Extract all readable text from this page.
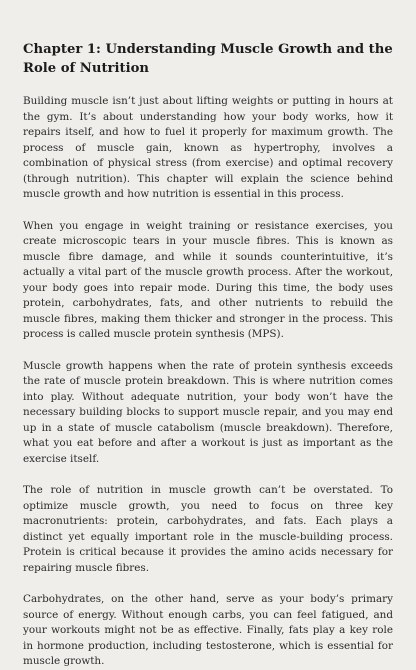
Chapter 1: Understanding Muscle Growth and the Role of Nutrition

Building muscle isn’t just about lifting weights or putting in hours at the gym. It’s about understanding how your body works, how it repairs itself, and how to fuel it properly for maximum growth. The process of muscle gain, known as hypertrophy, involves a combination of physical stress (from exercise) and optimal recovery (through nutrition). This chapter will explain the science behind muscle growth and how nutrition is essential in this process.

When you engage in weight training or resistance exercises, you create microscopic tears in your muscle fibres. This is known as muscle fibre damage, and while it sounds counterintuitive, it’s actually a vital part of the muscle growth process. After the workout, your body goes into repair mode. During this time, the body uses protein, carbohydrates, fats, and other nutrients to rebuild the muscle fibres, making them thicker and stronger in the process. This process is called muscle protein synthesis (MPS).

Muscle growth happens when the rate of protein synthesis exceeds the rate of muscle protein breakdown. This is where nutrition comes into play. Without adequate nutrition, your body won’t have the necessary building blocks to support muscle repair, and you may end up in a state of muscle catabolism (muscle breakdown). Therefore, what you eat before and after a workout is just as important as the exercise itself.

The role of nutrition in muscle growth can’t be overstated. To optimize muscle growth, you need to focus on three key macronutrients: protein, carbohydrates, and fats. Each plays a distinct yet equally important role in the muscle-building process. Protein is critical because it provides the amino acids necessary for repairing muscle fibres.

Carbohydrates, on the other hand, serve as your body’s primary source of energy. Without enough carbs, you can feel fatigued, and your workouts might not be as effective. Finally, fats play a key role in hormone production, including testosterone, which is essential for muscle growth.
